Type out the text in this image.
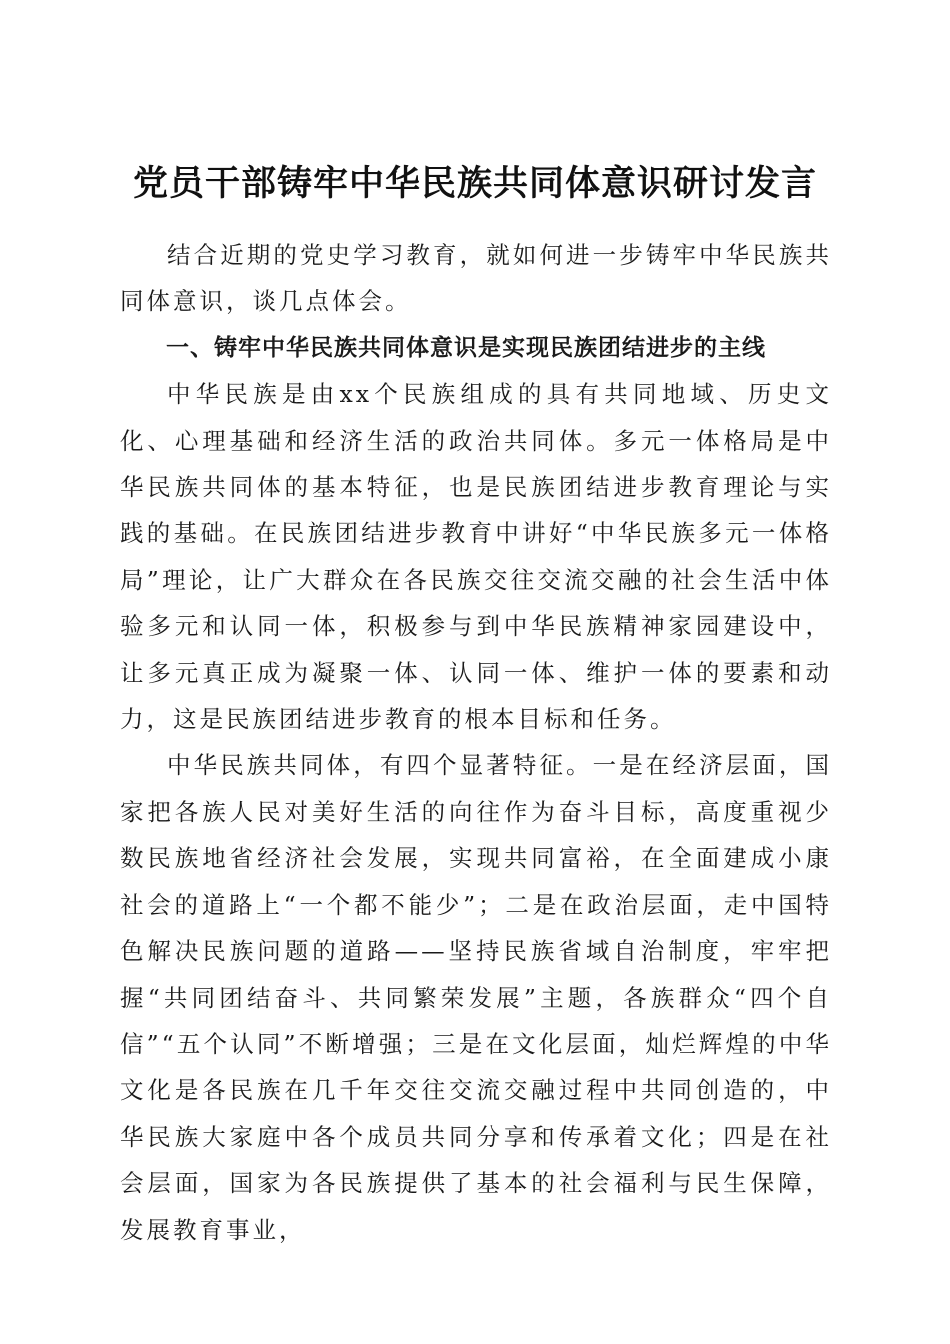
党员干部铸牢中华民族共同体意识研讨发言

结合近期的党史学习教育，就如何进一步铸牢中华民族共同体意识，谈几点体会。

一、铸牢中华民族共同体意识是实现民族团结进步的主线

中华民族是由xx个民族组成的具有共同地域、历史文化、心理基础和经济生活的政治共同体。多元一体格局是中华民族共同体的基本特征，也是民族团结进步教育理论与实践的基础。在民族团结进步教育中讲好“中华民族多元一体格局”理论，让广大群众在各民族交往交流交融的社会生活中体验多元和认同一体，积极参与到中华民族精神家园建设中，让多元真正成为凝聚一体、认同一体、维护一体的要素和动力，这是民族团结进步教育的根本目标和任务。

中华民族共同体，有四个显著特征。一是在经济层面，国家把各族人民对美好生活的向往作为奋斗目标，高度重视少数民族地省经济社会发展，实现共同富裕，在全面建成小康社会的道路上“一个都不能少”；二是在政治层面，走中国特色解决民族问题的道路——坚持民族省域自治制度，牢牢把握“共同团结奋斗、共同繁荣发展”主题，各族群众“四个自信”“五个认同”不断增强；三是在文化层面，灿烂辉煌的中华文化是各民族在几千年交往交流交融过程中共同创造的，中华民族大家庭中各个成员共同分享和传承着文化；四是在社会层面，国家为各民族提供了基本的社会福利与民生保障，发展教育事业，
